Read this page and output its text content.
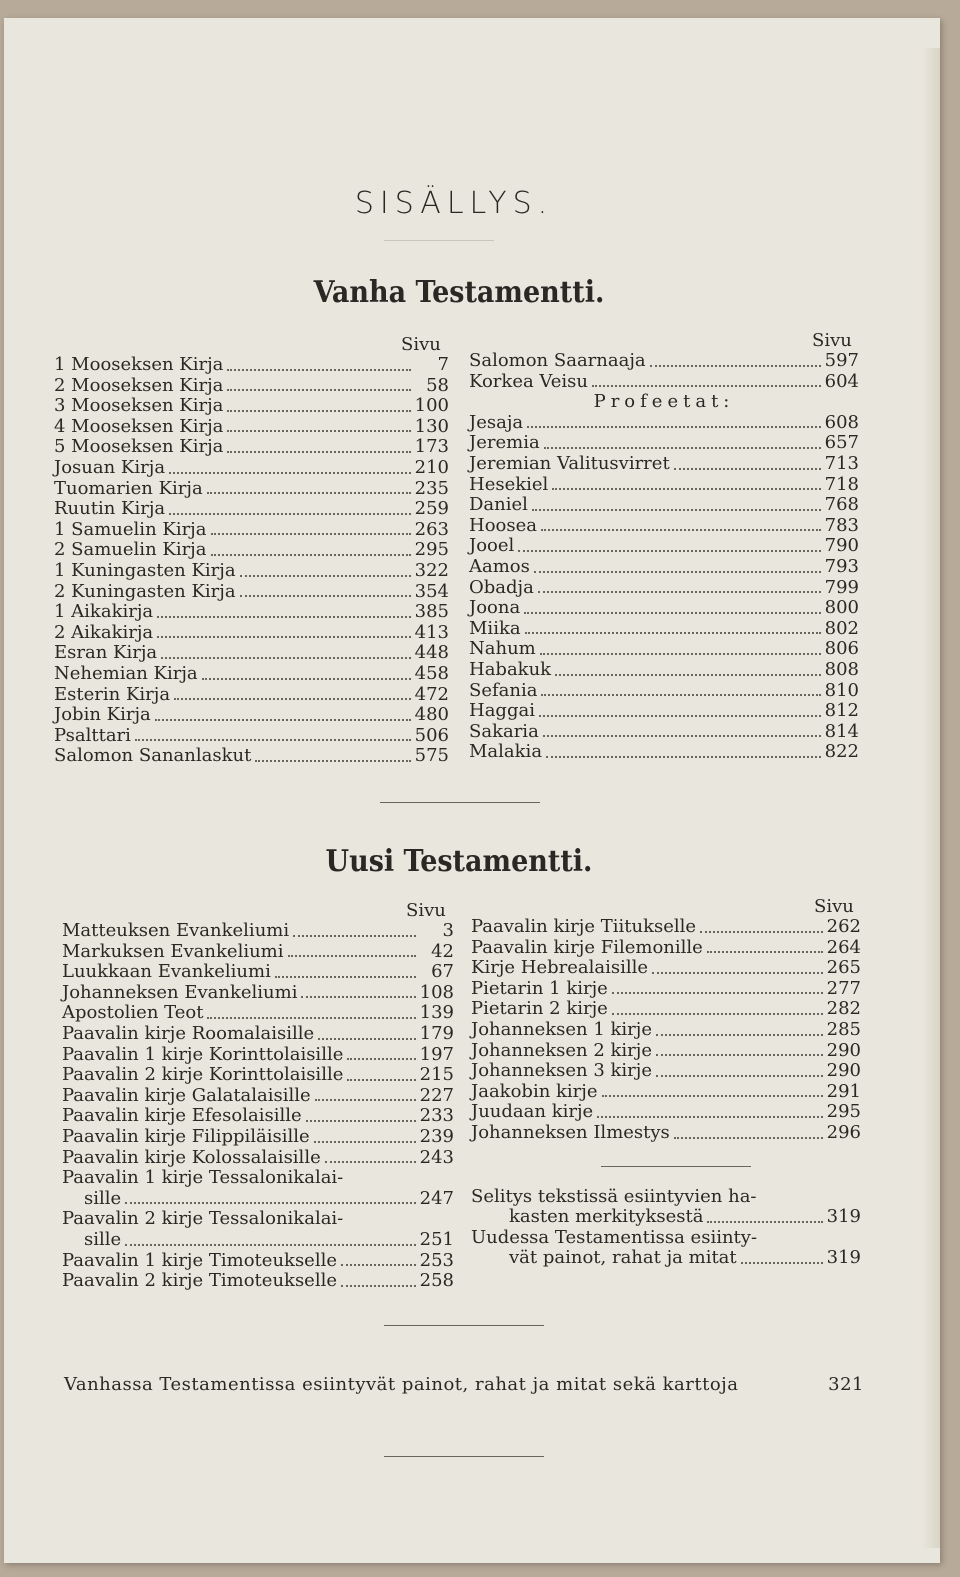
SISÄLLYS.
Vanha Testamentti.
Sivu
1 Mooseksen Kirja	7
2 Mooseksen Kirja	58
3 Mooseksen Kirja	100
4 Mooseksen Kirja	130
5 Mooseksen Kirja	173
Josuan Kirja	210
Tuomarien Kirja	235
Ruutin Kirja	259
1 Samuelin Kirja	263
2 Samuelin Kirja	295
1 Kuningasten Kirja	322
2 Kuningasten Kirja	354
1 Aikakirja	385
2 Aikakirja	413
Esran Kirja	448
Nehemian Kirja	458
Esterin Kirja	472
Jobin Kirja	480
Psalttari	506
Salomon Sananlaskut	575
Sivu
Salomon Saarnaaja	597
Korkea Veisu	604
Profeetat:
Jesaja	608
Jeremia	657
Jeremian Valitusvirret	713
Hesekiel	718
Daniel	768
Hoosea	783
Jooel	790
Aamos	793
Obadja	799
Joona	800
Miika	802
Nahum	806
Habakuk	808
Sefania	810
Haggai	812
Sakaria	814
Malakia	822
Uusi Testamentti.
Sivu
Matteuksen Evankeliumi	3
Markuksen Evankeliumi	42
Luukkaan Evankeliumi	67
Johanneksen Evankeliumi	108
Apostolien Teot	139
Paavalin kirje Roomalaisille	179
Paavalin 1 kirje Korinttolaisille	197
Paavalin 2 kirje Korinttolaisille	215
Paavalin kirje Galatalaisille	227
Paavalin kirje Efesolaisille	233
Paavalin kirje Filippiläisille	239
Paavalin kirje Kolossalaisille	243
Paavalin 1 kirje Tessalonikalai-
sille	247
Paavalin 2 kirje Tessalonikalai-
sille	251
Paavalin 1 kirje Timoteukselle	253
Paavalin 2 kirje Timoteukselle	258
Sivu
Paavalin kirje Tiitukselle	262
Paavalin kirje Filemonille	264
Kirje Hebrealaisille	265
Pietarin 1 kirje	277
Pietarin 2 kirje	282
Johanneksen 1 kirje	285
Johanneksen 2 kirje	290
Johanneksen 3 kirje	290
Jaakobin kirje	291
Juudaan kirje	295
Johanneksen Ilmestys	296
Selitys tekstissä esiintyvien ha-
kasten merkityksestä	319
Uudessa Testamentissa esiinty-
vät painot, rahat ja mitat	319
Vanhassa Testamentissa esiintyvät painot, rahat ja mitat sekä karttoja	321
